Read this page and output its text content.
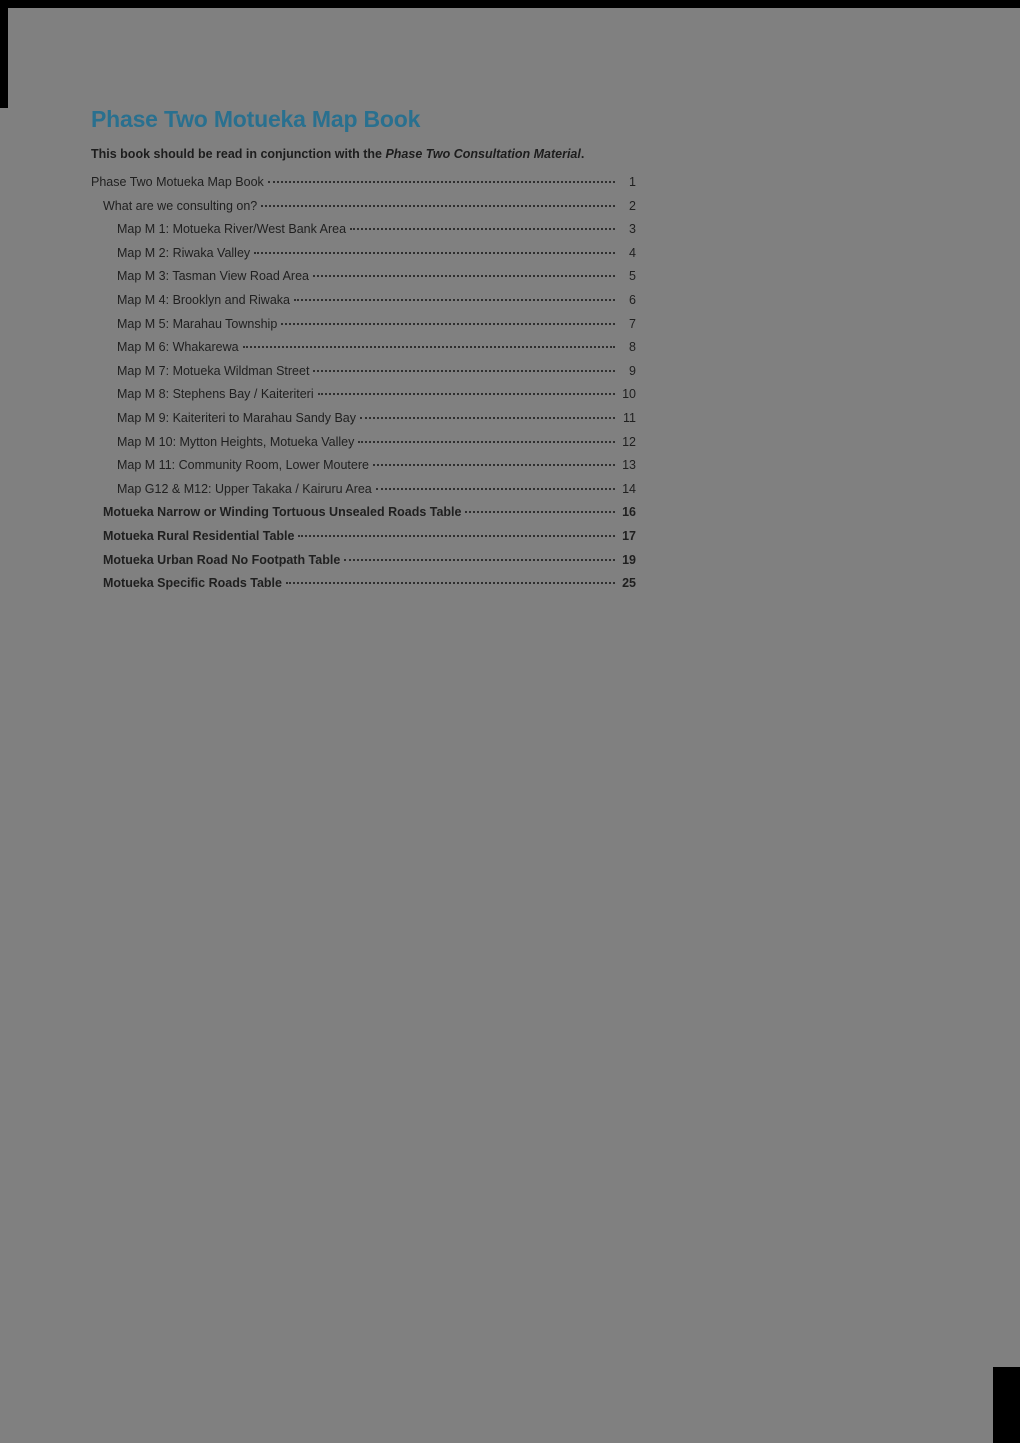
Phase Two Motueka Map Book
This book should be read in conjunction with the Phase Two Consultation Material.
Phase Two Motueka Map Book	1
What are we consulting on?	2
Map M 1: Motueka River/West Bank Area	3
Map M 2: Riwaka Valley	4
Map M 3: Tasman View Road Area	5
Map M 4: Brooklyn and Riwaka	6
Map M 5: Marahau Township	7
Map M 6: Whakarewa	8
Map M 7: Motueka Wildman Street	9
Map M 8: Stephens Bay / Kaiteriteri	10
Map M 9: Kaiteriteri to Marahau Sandy Bay	11
Map M 10: Mytton Heights, Motueka Valley	12
Map M 11: Community Room, Lower Moutere	13
Map G12 & M12: Upper Takaka / Kairuru Area	14
Motueka Narrow or Winding Tortuous Unsealed Roads Table	16
Motueka Rural Residential Table	17
Motueka Urban Road No Footpath Table	19
Motueka Specific Roads Table	25
